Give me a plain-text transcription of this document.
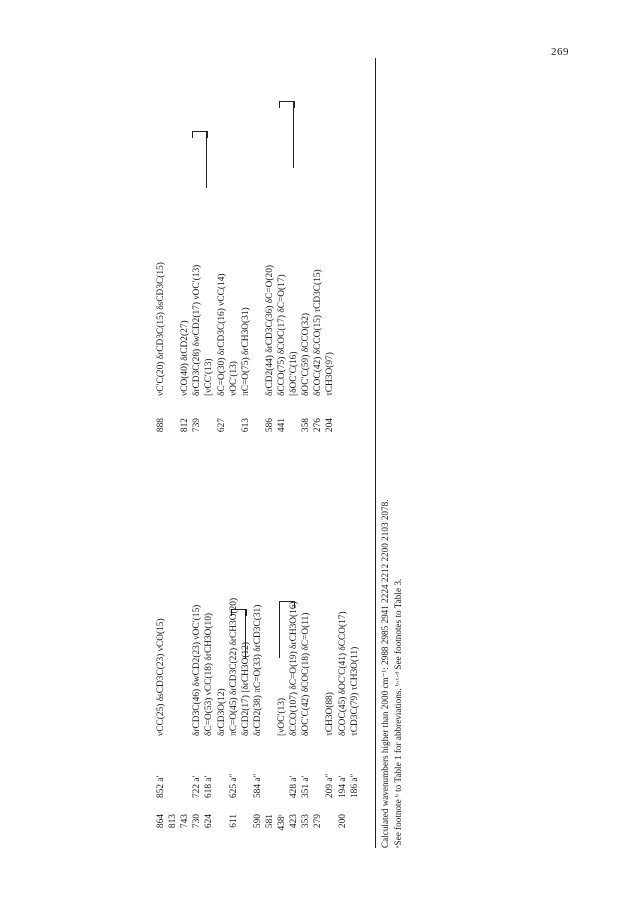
269
864
852 a′
νCC(25) δsCD3C(23) νCO(15)
888
νC′C(20) δrCD3C(15) δsCD3C(15)
813 743
812
νCO(40) δtCD2(27)
730
722 a′
δrCD3C(46) δwCD2(23) νOC′(15)
739
δrCD3C(28) δwCD2(17) νOC′(13)
624
618 a′
δC=O(53) νCC(18) δrCH3O(10)
[νCC′(13)
δrCD3O(12)
627
δC=O(30) δrCD3C(16) νCC(14)
611
625 a″
πC=O(45) δrCD3C(22) δrCH3O(20)
νOC′(13)
δrCD2(17) [δrCH3O(12)
613
πC=O(75) δrCH3O(31)
590
584 a″
δrCD2(38) πC=O(33) δrCD3C(31)
581
586
δrCD2(44) δrCD3C(36) δC=O(20)
438ᶜ
[νOC′(13)
441
δCCO(75) δCOC(17) δC=O(17)
423
428 a′
δCCO(107) δC=O(19) δrCH3O(16)
[δOC′C(16)
353
351 a′
δOC′C(42) δCOC(18) δC=O(11)
358
δOC′C(59) δCCO(32)
279
276
δCOC(42) δCCO(15) τCD3C(15)
209 a″
τCH3O(88)
204
τCH3O(97)
200
194 a′
δCOC(45) δOC′C(41) δCCO(17)
186 a″
τCD3C(79) τCH3O(11) Calculated wavenumbers higher than 2000 cm⁻¹: 2988 2985 2941 2224 2212 2200 2103 2078. ᵃSee footnote ᵇ to Table 1 for abbreviations. ᵇ·ᶜ·ᵈ See footnotes to Table 3.
